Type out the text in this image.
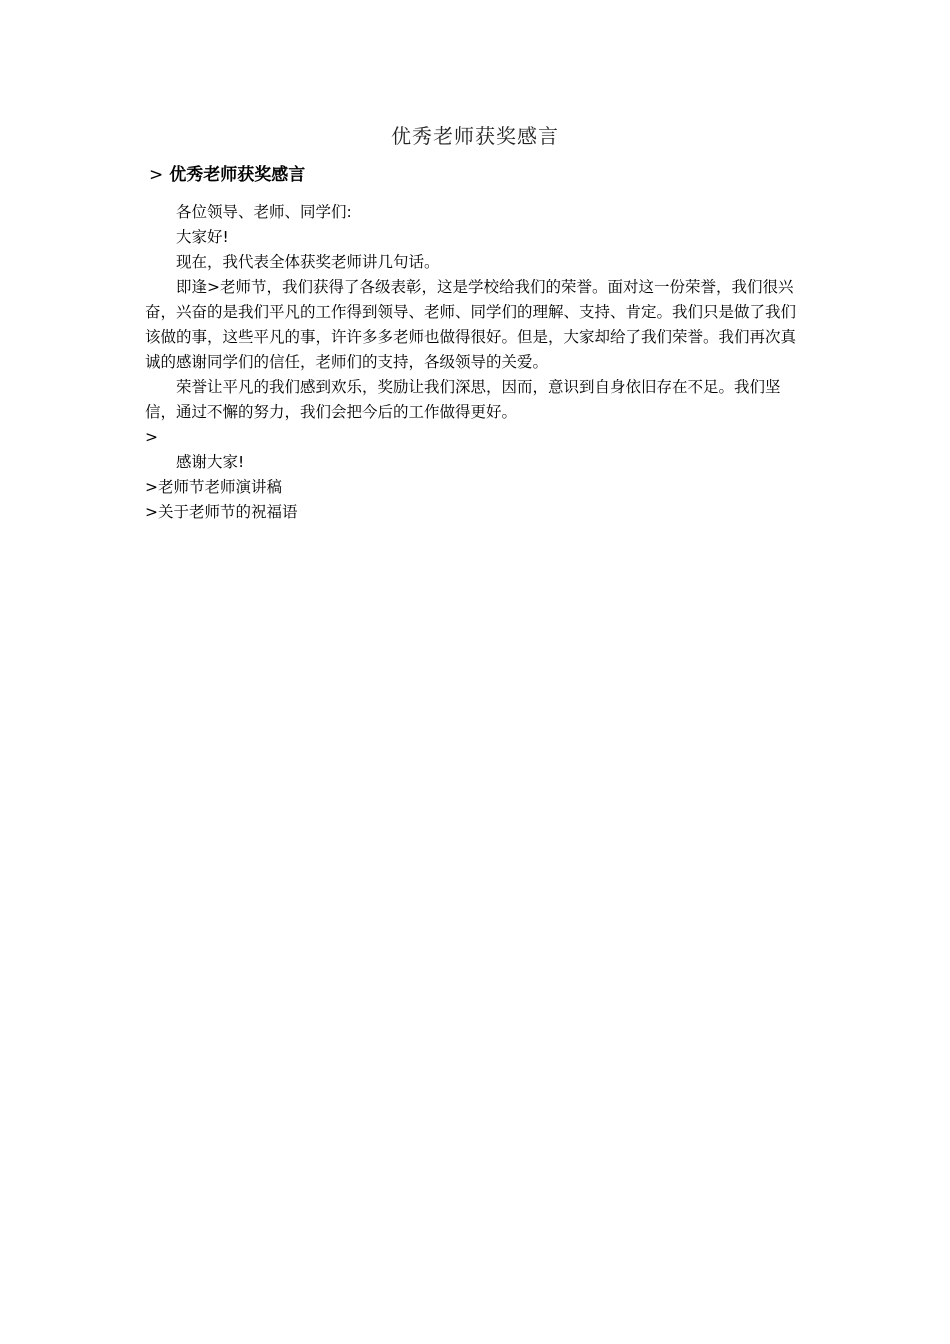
优秀老师获奖感言
> 优秀老师获奖感言

各位领导、老师、同学们:

大家好!

现在，我代表全体获奖老师讲几句话。

即逢>老师节，我们获得了各级表彰，这是学校给我们的荣誉。面对这一份荣誉，我们很兴奋，兴奋的是我们平凡的工作得到领导、老师、同学们的理解、支持、肯定。我们只是做了我们该做的事，这些平凡的事，许许多多老师也做得很好。但是，大家却给了我们荣誉。我们再次真诚的感谢同学们的信任，老师们的支持，各级领导的关爱。

荣誉让平凡的我们感到欢乐，奖励让我们深思，因而，意识到自身依旧存在不足。我们坚信，通过不懈的努力，我们会把今后的工作做得更好。

>

感谢大家!

>老师节老师演讲稿

>关于老师节的祝福语
